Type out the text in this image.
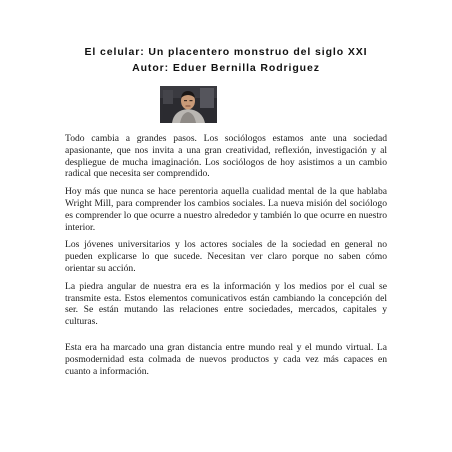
El celular: Un placentero monstruo del siglo XXI
Autor: Eduer Bernilla Rodriguez

Todo cambia a grandes pasos. Los sociólogos estamos ante una sociedad apasionante, que nos invita a una gran creatividad, reflexión, investigación y al despliegue de mucha imaginación. Los sociólogos de hoy asistimos a un cambio radical que necesita ser comprendido.

Hoy más que nunca se hace perentoria aquella cualidad mental de la que hablaba Wright Mill, para comprender los cambios sociales. La nueva misión del sociólogo es comprender lo que ocurre a nuestro alrededor y también lo que ocurre en nuestro interior.

Los jóvenes universitarios y los actores sociales de la sociedad en general no pueden explicarse lo que sucede. Necesitan ver claro porque no saben cómo orientar su acción.

La piedra angular de nuestra era es la información y los medios por el cual se transmite esta. Estos elementos comunicativos están cambiando la concepción del ser. Se están mutando las relaciones entre sociedades, mercados, capitales y culturas.

Esta era ha marcado una gran distancia entre mundo real y el mundo virtual. La posmodernidad esta colmada de nuevos productos y cada vez más capaces en cuanto a información.
